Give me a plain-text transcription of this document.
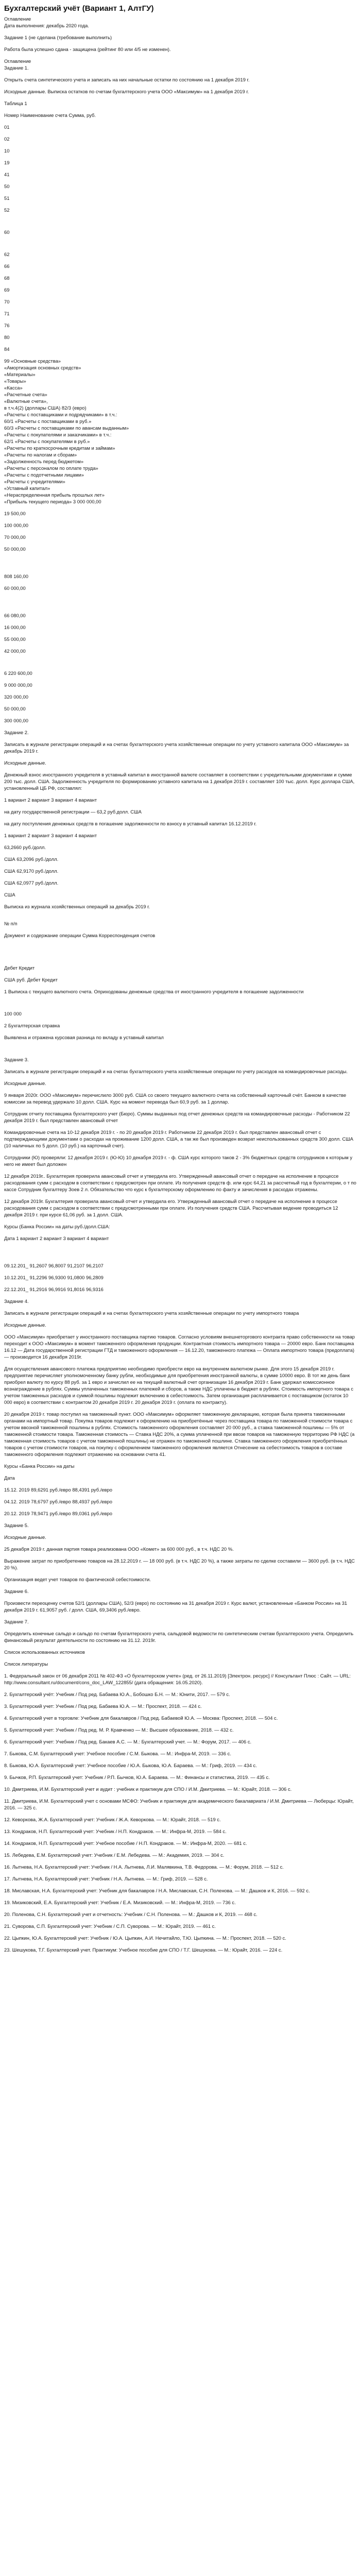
Бухгалтерский учёт (Вариант 1, АлтГУ)

Оглавление

Дата выполнения: декабрь 2020 года.

Задание 1 (не сделана (требование выполнить)

Работа была успешно сдана - защищена (рейтинг 80 или 4/5 не изменен).

Оглавление

Задание 1.

Открыть счета синтетического учета и записать на них начальные остатки по состоянию на 1 декабря 2019 г.

Исходные данные. Выписка остатков по счетам бухгалтерского учета ООО «Максимум» на 1 декабря 2019 г.

Таблица 1

Номер Наименование счета Сумма, руб.

01

02

10

19

41

50

51

52

60

62

66

68

69

70

71

76

80

84

99 «Основные средства»

«Амортизация основных средств»

«Материалы»

«Товары»

«Касса»

«Расчетные счета»

«Валютные счета»,

в т.ч.4(2) (доллары США) 82/3 (евро)

«Расчеты с поставщиками и подрядчиками» в т.ч.:

60/1 «Расчеты с поставщиками в руб.»

60/3 «Расчеты с поставщиками по авансам выданным»

«Расчеты с покупателями и заказчиками» в т.ч.:

62/1 «Расчеты с покупателями в руб.»

«Расчеты по краткосрочным кредитам и займам»

«Расчеты по налогам и сборам»

«Задолженность перед бюджетом»

«Расчеты с персоналом по оплате труда»

«Расчеты с подотчетными лицами»

«Расчеты с учредителями»

«Уставный капитал»

«Нераспределенная прибыль прошлых лет»

«Прибыль текущего периода» 3 000 000,00

19 500,00

100 000,00

70 000,00

50 000,00

808 160,00

60 000,00

66 080,00

16 000,00

55 000,00

42 000,00

6 220 600,00

9 000 000,00

320 000,00

50 000,00

300 000,00

Задание 2.

Записать в журнале регистрации операций и на счетах бухгалтерского учета хозяйственные операции по учету уставного капитала ООО «Максимум» за декабрь 2019 г.

Исходные данные.

Денежный взнос иностранного учредителя в уставный капитал в иностранной валюте составляет в соответствии с учредительными документами и сумме 200 тыс. долл. США. Задолженность учредителя по формированию уставного капитала на 1 декабря 2019 г. составляет 100 тыс. долл. Курс доллара США, установленный ЦБ РФ, составлял:

1 вариант 2 вариант 3 вариант 4 вариант

на дату государственной регистрации — 63,2 руб.долл. США

на дату поступления денежных средств в погашение задолженности по взносу в уставный капитал 16.12.2019 г.

1 вариант 2 вариант 3 вариант 4 вариант

63,2660 руб./долл.

США 63,2096 руб./долл.

США 62,9170 руб./долл.

США 62,0977 руб./долл.

США

Выписка из журнала хозяйственных операций за декабрь 2019 г.

№ п/п

Документ и содержание операции Сумма Корреспонденция счетов

Дебет Кредит

США руб. Дебет Кредит

1 Выписка с текущего валютного счета. Оприходованы денежные средства от иностранного учредителя в погашение задолженности

100 000

2 Бухгалтерская справка

Выявлена и отражена курсовая разница по вкладу в уставный капитал

Задание 3.

Записать в журнале регистрации операций и на счетах бухгалтерского учета хозяйственные операции по учету расходов на командировочные расходы.

Исходные данные.

9 января 2020г. ООО «Максимум» перечислило 3000 руб. США со своего текущего валютного счета на собственный карточный счёт. Банком в качестве комиссии за перевод удержало 10 долл. США. Курс на момент перевода был 60,9 руб. за 1 доллар.

Сотрудник отчиту поставщика бухгалтерского учет (Бюро). Суммы выданных под отчет денежных средств на командировочные расходы - Работником 22 декабря 2019 г. был представлен авансовый отчет

Командировочные счета на 10-12 декабря 2019 г. - по 20 декабря 2019 г. Работником 22 декабря 2019 г. был представлен авансовый отчет с подтверждающими документами о расходах на проживание 1200 долл. США, а так же был произведен возврат неиспользованных средств 300 долл. США (10 наличных по 5 долл. (10 руб.) на карточный счет).

Сотрудники (Ю) проверяли: 12 декабря 2019 г. (Ю-Ю) 10 декабря 2019 г. - ф. США курс которого таков 2 - 3% бюджетных средств сотрудников к которым у него не имеет был доложен

12 декабря 2019г.. Бухгалтерия проверила авансовый отчет и утвердила его. Утвержденный авансовый отчет о передаче на исполнение в процессе расходования сумм с расходом в соответствии с предусмотрен при оплате. Из получения средств ф. или курс 64,21 за рассчетный год в бухгалтерии, о т по кассе Сотрудник бухгалтеру Зоев 2 л. Обязательство что курс к бухгалтерскому оформлению по факту и зачисления в расходах отражены.

12 декабря 2019г. Бухгалтерия проверила авансовый отчет и утвердила его. Утвержденный авансовый отчет о передаче на исполнение в процессе расходования сумм с расходом в соответствии с предусмотренными при оплате. Из получения средств США. Рассчитывая ведение проводиться 12 декабря 2019 г. при курсе 61,06 руб. за 1 долл. США.

Курсы (Банка России» на даты руб./долл.США:

Дата 1 вариант 2 вариант 3 вариант 4 вариант

09.12.201_ 91,2607 96,8007 91,2107 96,2107

10.12.201_ 91,2296 96,9300 91,0800 96,2809

22.12.201_ 91,2916 96,9916 91,8016 96,9316

Задание 4.

Записать в журнале регистрации операций и на счетах бухгалтерского учета хозяйственные операции по учету импортного товара

Исходные данные.

ООО «Максимум» приобретает у иностранного поставщика партию товаров. Согласно условиям внешнеторгового контракта право собственности на товар переходит к ООО «Максимум» в момент таможенного оформления продукции. Контрактная стоимость импортного товара — 20000 евро. Банк поставщика 16.12 — Дата государственной регистрации ГТД и таможенного оформления — 16.12.20, таможенного платежа — Оплата импортного товара (предоплата) — производится 16 декабря 2019г.

Для осуществления авансового платежа предприятию необходимо приобрести евро на внутреннем валютном рынке. Для этого 15 декабря 2019 г. предприятие перечисляет уполномоченному банку рубли, необходимые для приобретения иностранной валюты, в сумме 10000 евро. В тот же день банк приобрел валюту по курсу 88 руб. за 1 евро и зачислил ее на текущий валютный счет организации 16 декабря 2019 г. Банк удержал комиссионное вознаграждение в рублях. Суммы уплаченных таможенных платежей и сборов, а также НДС уплачены в бюджет в рублях. Стоимость импортного товара с учетом таможенных расходов и суммой пошлины подлежит включению в себестоимость. Затем организация расплачивается с поставщиком (остаток 10 000 евро) в соответствии с контрактом 20 декабря 2019 г. 20 декабря 2019 г. (оплата по контракту).

20 декабря 2019 г. товар поступил на таможенный пункт. ООО «Максимум» оформляет таможенную декларацию, которая была принята таможенными органами на импортный товар. Покупка товаров подлежит к оформлению на приобретённые через поставщика товара по таможенной стоимости товара с учетом ввозной таможенной пошлины в рублях. Стоимость таможенного оформления составляет 20 000 руб., а ставка таможенной пошлины — 5% от таможенной стоимости товара. Таможенная стоимость — Ставка НДС 20%, а сумма уплаченной при ввозе товаров на таможенную территорию РФ НДС (а таможенная стоимость товаров с учетом таможенной пошлины) не отражен по таможенной пошлине. Ставка таможенного оформления приобретённых товаров с учетом стоимости товаров, на покупку с оформлением таможенного оформления является Отнесение на себестоимость товаров в составе таможенного оформления подлежит отражению на основании счета 41.

Курсы «Банка России» на даты

Дата

15.12. 2019 89,6291 руб./евро 88,4391 руб./евро

04.12. 2019 78,6797 руб./евро 88,4937 руб./евро

20.12. 2019 78,9471 руб./евро 89,0361 руб./евро

Задание 5.

Исходные данные.

25 декабря 2019 г. данная партия товара реализована ООО «Комет» за 600 000 руб., в т.ч. НДС 20 %.

Вырaжение затрат по приобретению товаров на 28.12.2019 г. — 18 000 руб. (в т.ч. НДС 20 %), а также затраты по сделке составили — 3600 руб. (в т.ч. НДС 20 %).

Организация ведет учет товаров по фактической себестоимости.

Задание 6.

Произвести переоценку счетов 52/1 (доллары США), 52/3 (евро) по состоянию на 31 декабря 2019 г. Курс валют, установленные «Банком России» на 31 декабря 2019 г. 61,9057 руб. / долл. США, 69,3406 руб./евро.

Задание 7.

Определить конечные сальдо и сальдо по счетам бухгалтерского учета, сальдовой ведомости по синтетическим счетам бухгалтерского учета. Определить финансовый результат деятельности по состоянию на 31.12. 2019г.

Список использованных источников

Список литературы

1. Федеральный закон от 06 декабря 2011 № 402-ФЗ «О бухгалтерском учете» (ред. от 26.11.2019) [Электрон. ресурс] // Консультант Плюс : Сайт. — URL: http://www.consultant.ru/document/cons_doc_LAW_122855/ (дата обращения: 16.05.2020).

2. Бухгалтерский учёт: Учебник / Под ред. Бабаева Ю.А., Бобошко Б.Н. — М.: Юнити, 2017. — 579 с.

3. Бухгалтерский учет: Учебник / Под ред. Бабаева Ю.А. — М.: Проспект, 2018. — 424 с.

4. Бухгалтерский учет в торговле: Учебник для бакалавров / Под ред. Бабаевой Ю.А. — Москва: Проспект, 2018. — 504 с.

5. Бухгалтерский учет: Учебник / Под ред. М. Р. Кравченко — М.: Высшее образование, 2018. — 432 с.

6. Бухгалтерский учет: Учебник / Под ред. Бакаев А.С. — М.: Бухгалтерский учет. — М.: Форум, 2017. — 406 с.

7. Быкова, С.М. Бухгалтерский учет: Учебное пособие / С.М. Быкова. — М.: Инфра-М, 2019. — 336 с.

8. Быкова, Ю.А. Бухгалтерский учет: Учебное пособие / Ю.А. Быкова, Ю.А. Бараева. — М.: Гриф, 2019. — 434 с.

9. Бычков, Р.П. Бухгалтерский учет: Учебник / Р.П. Бычков, Ю.А. Бараева. — М.: Финансы и статистика, 2019. — 435 с.

10. Дмитриева, И.М. Бухгалтерский учет и аудит : учебник и практикум для СПО / И.М. Дмитриева. — М.: Юрайт, 2018. — 306 с.

11. Дмитриева, И.М. Бухгалтерский учет с основами МСФО: Учебник и практикум для академического бакалавриата / И.М. Дмитриева — Люберцы: Юрайт, 2016. — 325 с.

12. Кеворкова, Ж.А. Бухгалтерский учет: Учебник / Ж.А. Кеворкова. — М.: Юрайт, 2018. — 519 с.

13. Кондраков, Н.П. Бухгалтерский учет: Учебник / Н.П. Кондраков. — М.: Инфра-М, 2019. — 584 с.

14. Кондраков, Н.П. Бухгалтерский учет: Учебное пособие / Н.П. Кондраков. — М.: Инфра-М, 2020. — 681 с.

15. Лебедева, Е.М. Бухгалтерский учет: Учебник / Е.М. Лебедева. — М.: Академия, 2019. — 304 с.

16. Лытнева, Н.А. Бухгалтерский учет: Учебник / Н.А. Лытнева, Л.И. Малявкина, Т.В. Федорова. — М.: Форум, 2018. — 512 с.

17. Лытнева, Н.А. Бухгалтерский учет: Учебник / Н.А. Лытнева. — М.: Гриф, 2019. — 528 с.

18. Миславская, Н.А. Бухгалтерский учет: Учебник для бакалавров / Н.А. Миславская, С.Н. Поленова. — М.: Дашков и К, 2016. — 592 с.

19. Мизиковский, Е.А. Бухгалтерский учет: Учебник / Е.А. Мизиковский. — М.: Инфра-М, 2019. — 736 с.

20. Поленова, С.Н. Бухгалтерский учет и отчетность: Учебник / С.Н. Поленова. — М.: Дашков и К, 2019. — 468 с.

21. Суворова, С.П. Бухгалтерский учет: Учебник / С.П. Суворова. — М.: Юрайт, 2019. — 461 с.

22. Цыпкин, Ю.А. Бухгалтерский учет: Учебник / Ю.А. Цыпкин, А.И. Нечитайло, Т.Ю. Цыпкина. — М.: Проспект, 2018. — 520 с.

23. Шешукова, Т.Г. Бухгалтерский учет. Практикум: Учебное пособие для СПО / Т.Г. Шешукова. — М.: Юрайт, 2016. — 224 с.
